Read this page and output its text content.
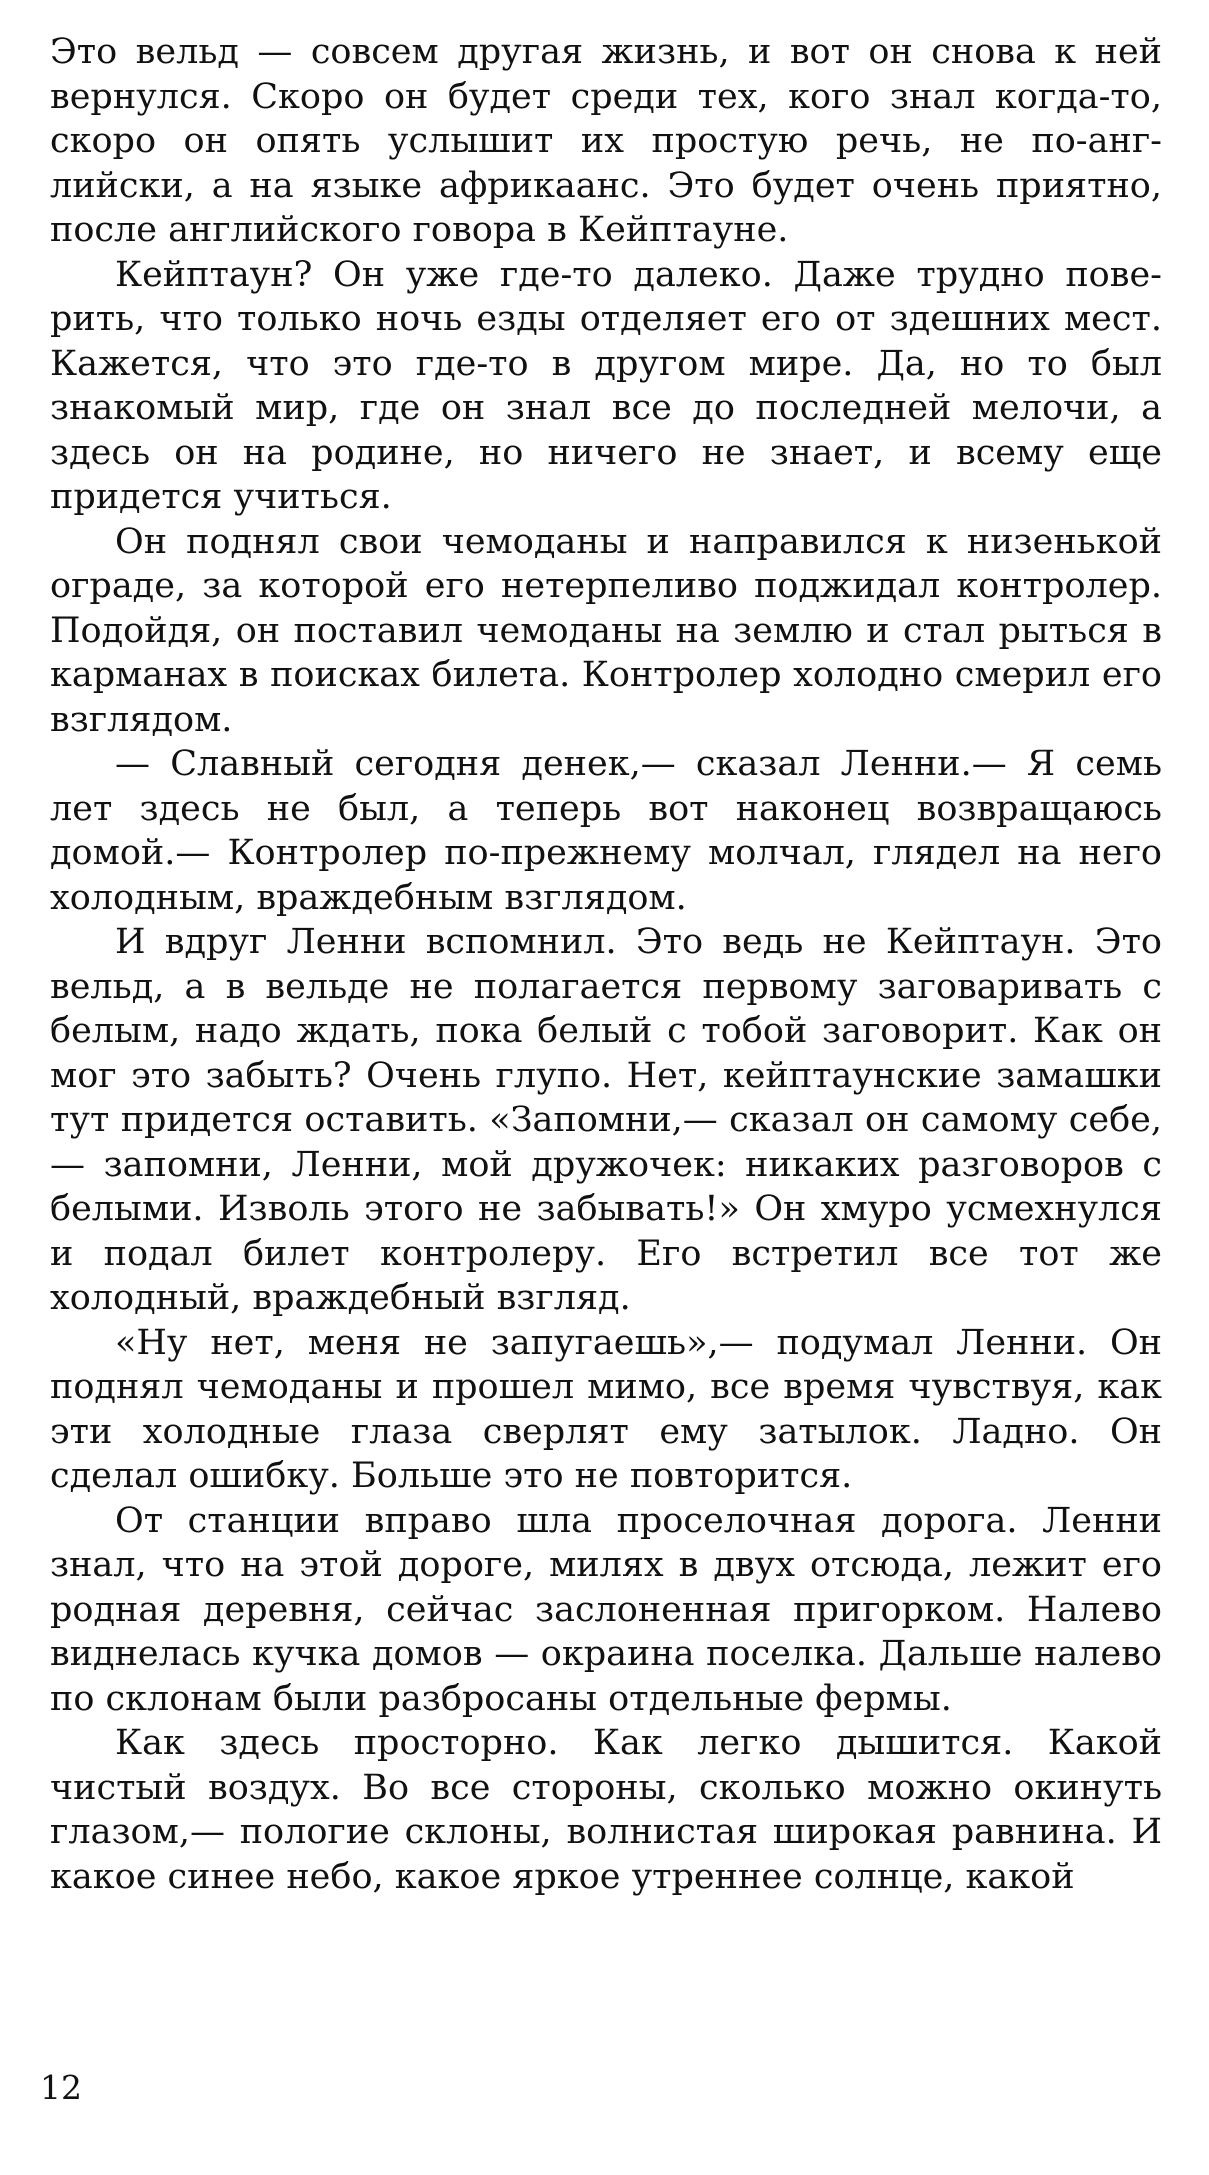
Это вельд — совсем другая жизнь, и вот он снова к ней вернулся. Скоро он будет среди тех, кого знал когда-то, скоро он опять услышит их простую речь, не по-английски, а на языке африкаанс. Это будет очень приятно, после английского говора в Кейптауне.

Кейптаун? Он уже где-то далеко. Даже трудно поверить, что только ночь езды отделяет его от здешних мест. Кажется, что это где-то в другом мире. Да, но то был знакомый мир, где он знал все до последней мелочи, а здесь он на родине, но ничего не знает, и всему еще придется учиться.

Он поднял свои чемоданы и направился к низенькой ограде, за которой его нетерпеливо поджидал контролер. Подойдя, он поставил чемоданы на землю и стал рыться в карманах в поисках билета. Контролер холодно смерил его взглядом.

— Славный сегодня денек,— сказал Ленни.— Я семь лет здесь не был, а теперь вот наконец возвращаюсь домой.— Контролер по-прежнему молчал, глядел на него холодным, враждебным взглядом.

И вдруг Ленни вспомнил. Это ведь не Кейптаун. Это вельд, а в вельде не полагается первому заговаривать с белым, надо ждать, пока белый с тобой заговорит. Как он мог это забыть? Очень глупо. Нет, кейптаунские замашки тут придется оставить. «Запомни,— сказал он самому себе,— запомни, Ленни, мой дружочек: никаких разговоров с белыми. Изволь этого не забывать!» Он хмуро усмехнулся и подал билет контролеру. Его встретил все тот же холодный, враждебный взгляд.

«Ну нет, меня не запугаешь»,— подумал Ленни. Он поднял чемоданы и прошел мимо, все время чувствуя, как эти холодные глаза сверлят ему затылок. Ладно. Он сделал ошибку. Больше это не повторится.

От станции вправо шла проселочная дорога. Ленни знал, что на этой дороге, милях в двух отсюда, лежит его родная деревня, сейчас заслоненная пригорком. Налево виднелась кучка домов — окраина поселка. Дальше налево по склонам были разбросаны отдельные фермы.

Как здесь просторно. Как легко дышится. Какой чистый воздух. Во все стороны, сколько можно окинуть глазом,— пологие склоны, волнистая широкая равнина. И какое синее небо, какое яркое утреннее солнце, какой

12
